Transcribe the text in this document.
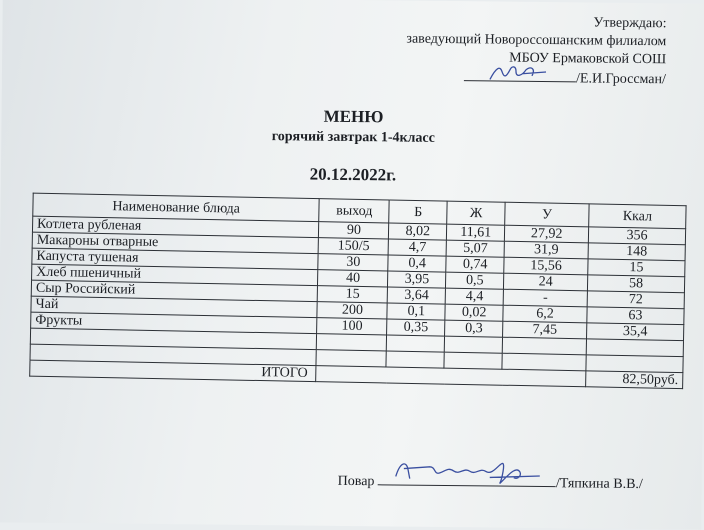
Утверждаю:
заведующий Новороссошанским филиалом
МБОУ Ермаковской СОШ
/Е.И.Гроссман/
МЕНЮ
горячий завтрак 1-4класс
20.12.2022г.
Наименование блюда	выход	Б	Ж	У	Ккал
Котлета рубленая	90	8,02	11,61	27,92	356
Макароны отварные	150/5	4,7	5,07	31,9	148
Капуста тушеная	30	0,4	0,74	15,56	15
Хлеб пшеничный	40	3,95	0,5	24	58
Сыр Российский	15	3,64	4,4	-	72
Чай	200	0,1	0,02	6,2	63
Фрукты	100	0,35	0,3	7,45	35,4

ИТОГО					82,50руб.
Повар	/Тяпкина В.В./
